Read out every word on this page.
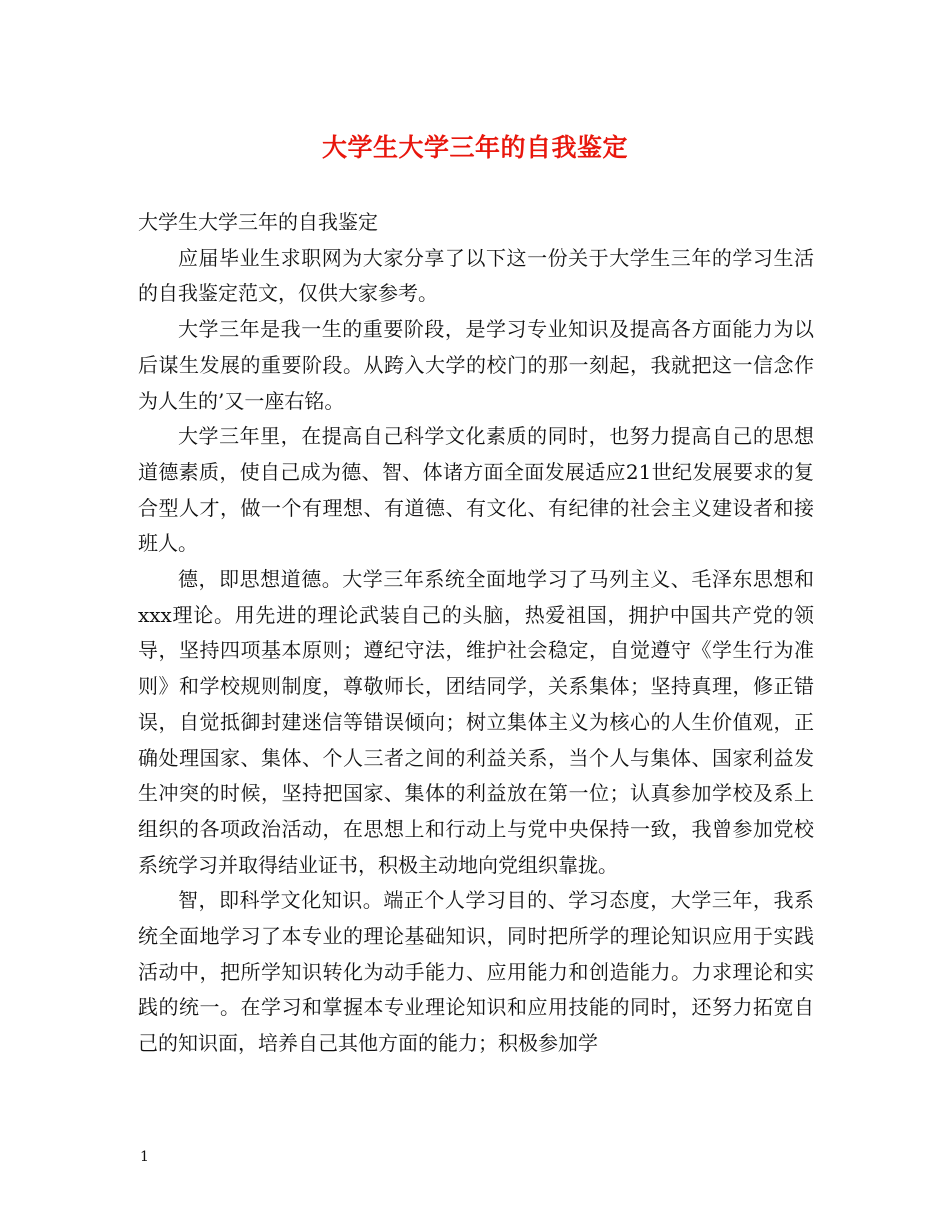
大学生大学三年的自我鉴定

大学生大学三年的自我鉴定

应届毕业生求职网为大家分享了以下这一份关于大学生三年的学习生活的自我鉴定范文，仅供大家参考。

大学三年是我一生的重要阶段，是学习专业知识及提高各方面能力为以后谋生发展的重要阶段。从跨入大学的校门的那一刻起，我就把这一信念作为人生的’又一座右铭。

大学三年里，在提高自己科学文化素质的同时，也努力提高自己的思想道德素质，使自己成为德、智、体诸方面全面发展适应21世纪发展要求的复合型人才，做一个有理想、有道德、有文化、有纪律的社会主义建设者和接班人。

德，即思想道德。大学三年系统全面地学习了马列主义、毛泽东思想和xxx理论。用先进的理论武装自己的头脑，热爱祖国，拥护中国共产党的领导，坚持四项基本原则；遵纪守法，维护社会稳定，自觉遵守《学生行为准则》和学校规则制度，尊敬师长，团结同学，关系集体；坚持真理，修正错误，自觉抵御封建迷信等错误倾向；树立集体主义为核心的人生价值观，正确处理国家、集体、个人三者之间的利益关系，当个人与集体、国家利益发生冲突的时候，坚持把国家、集体的利益放在第一位；认真参加学校及系上组织的各项政治活动，在思想上和行动上与党中央保持一致，我曾参加党校系统学习并取得结业证书，积极主动地向党组织靠拢。

智，即科学文化知识。端正个人学习目的、学习态度，大学三年，我系统全面地学习了本专业的理论基础知识，同时把所学的理论知识应用于实践活动中，把所学知识转化为动手能力、应用能力和创造能力。力求理论和实践的统一。在学习和掌握本专业理论知识和应用技能的同时，还努力拓宽自己的知识面，培养自己其他方面的能力；积极参加学

1
